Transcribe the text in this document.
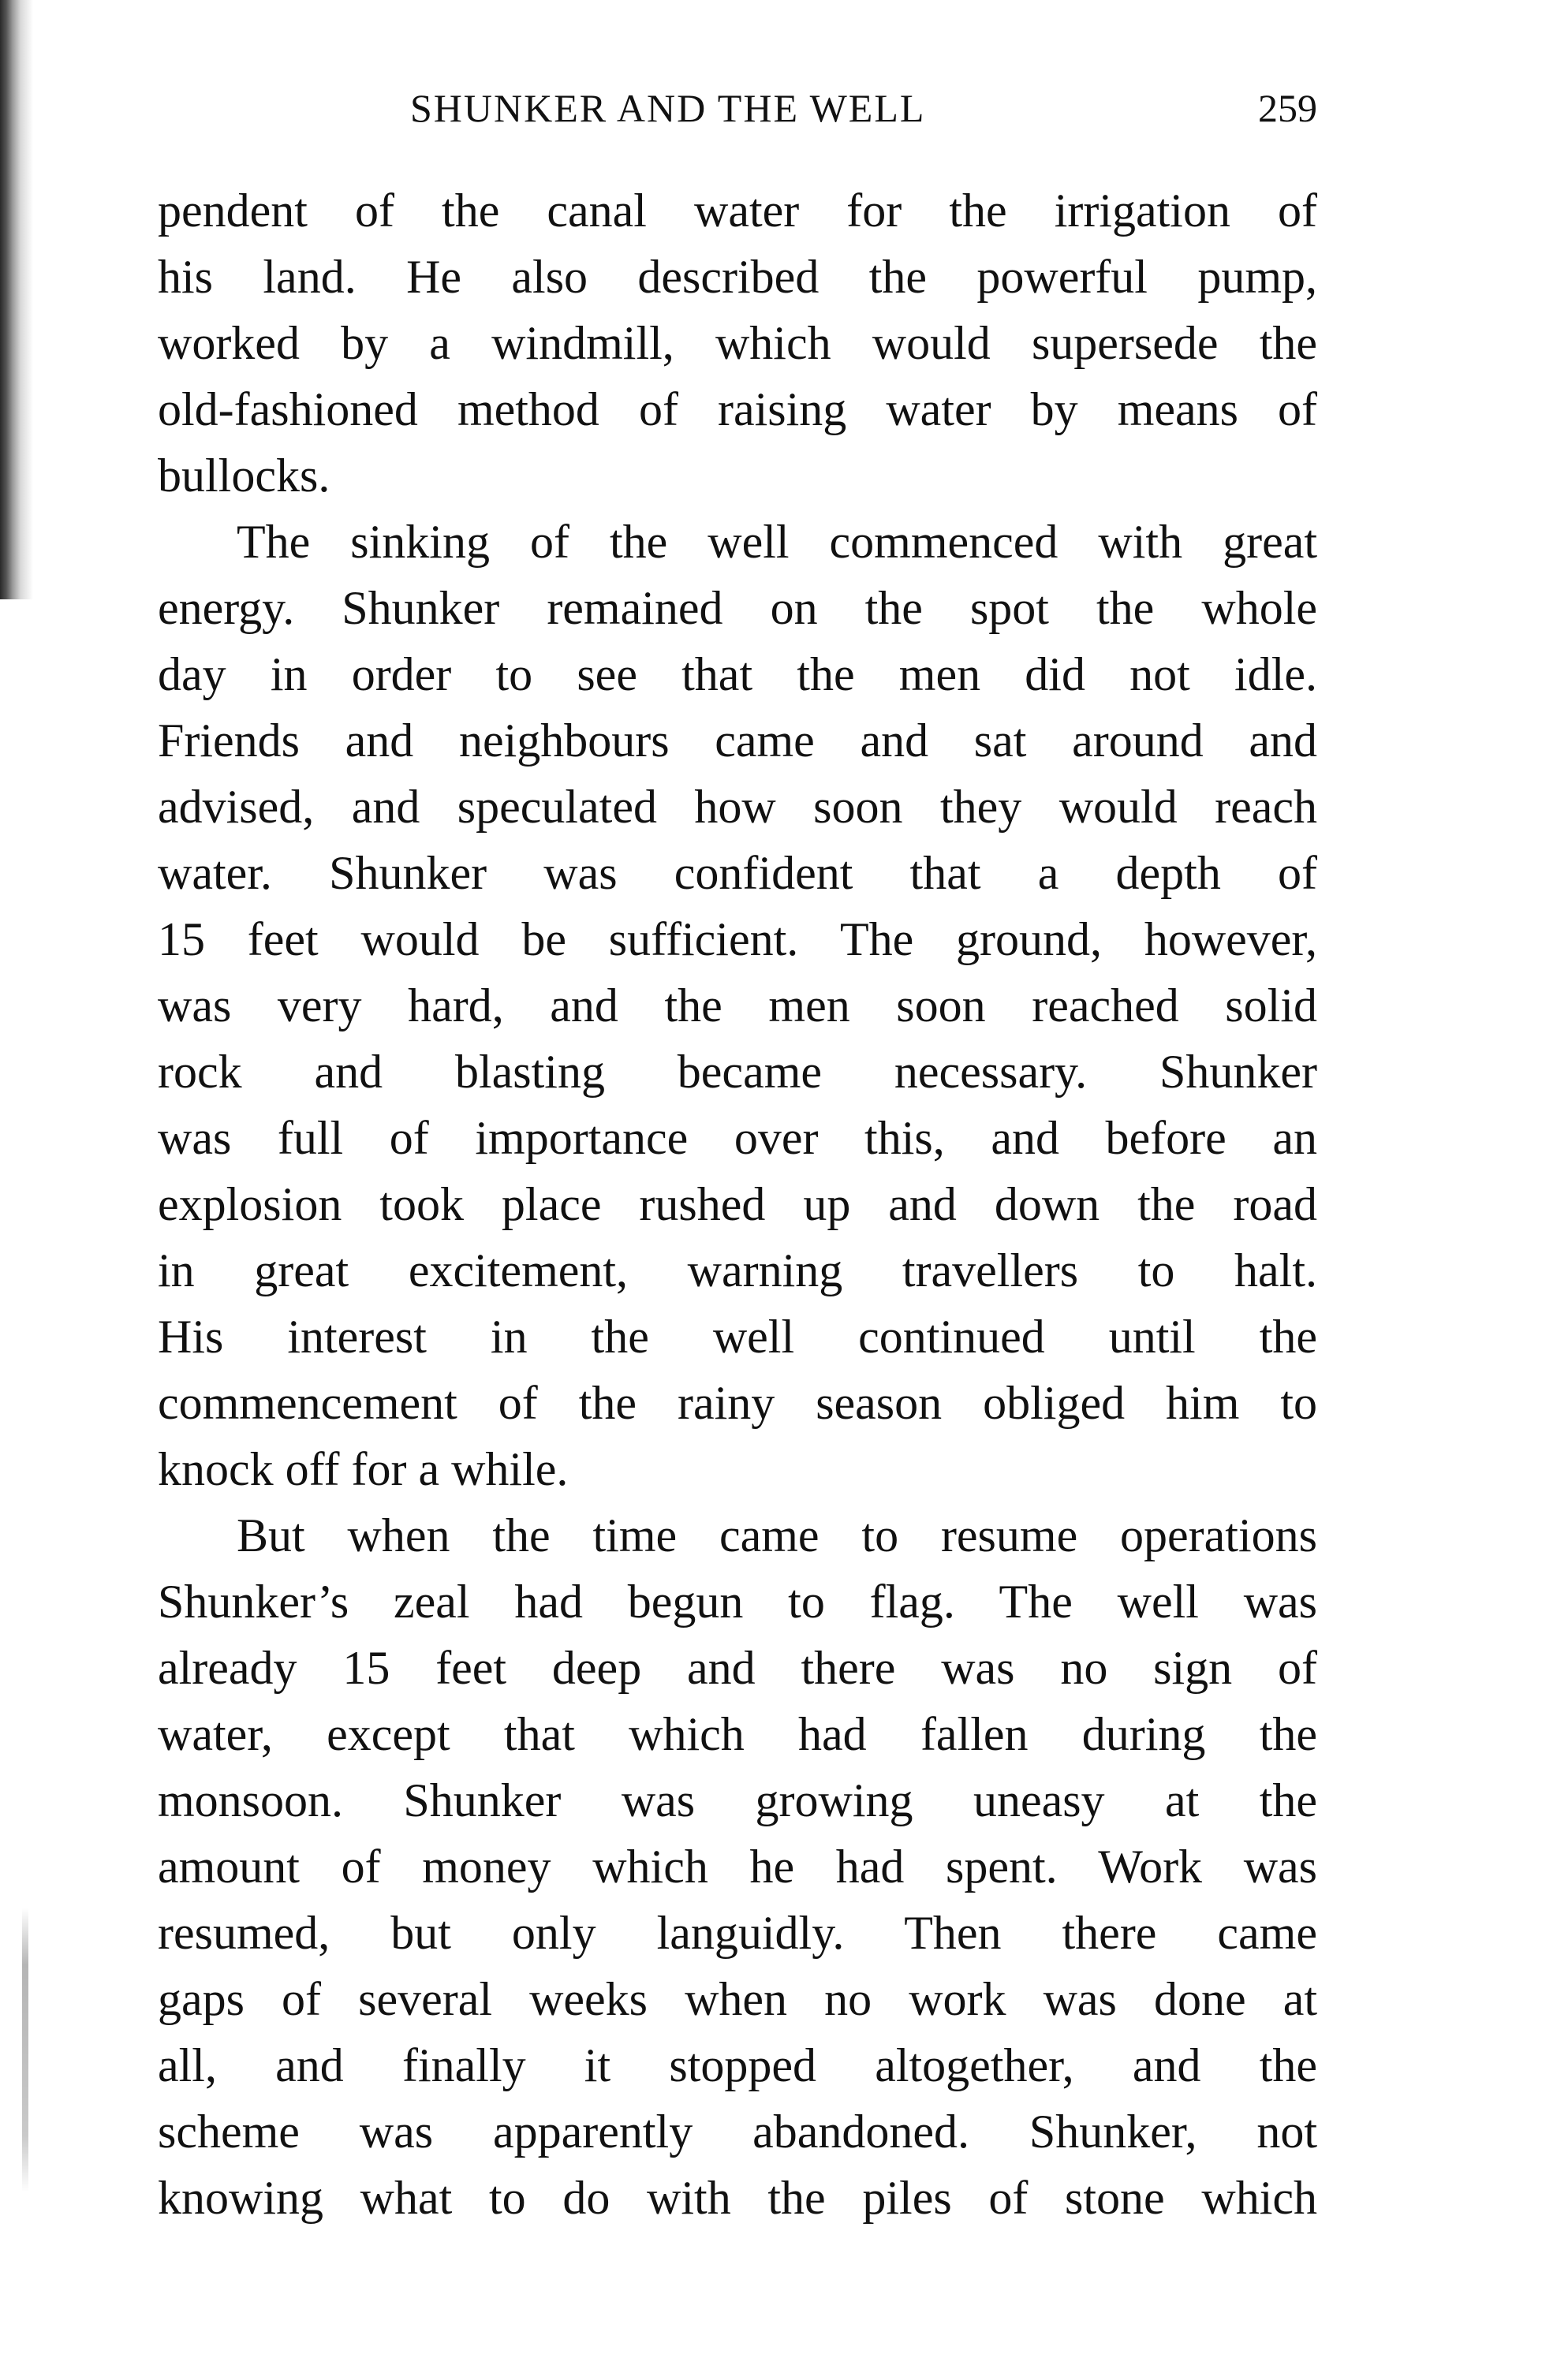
SHUNKER AND THE WELL	259
pendent of the canal water for the irrigation of
his land. He also described the powerful pump,
worked by a windmill, which would supersede the
old-fashioned method of raising water by means of
bullocks.
The sinking of the well commenced with great
energy. Shunker remained on the spot the whole
day in order to see that the men did not idle.
Friends and neighbours came and sat around and
advised, and speculated how soon they would reach
water. Shunker was confident that a depth of
15 feet would be sufficient. The ground, however,
was very hard, and the men soon reached solid
rock and blasting became necessary. Shunker
was full of importance over this, and before an
explosion took place rushed up and down the road
in great excitement, warning travellers to halt.
His interest in the well continued until the
commencement of the rainy season obliged him to
knock off for a while.
But when the time came to resume operations
Shunker’s zeal had begun to flag. The well was
already 15 feet deep and there was no sign of
water, except that which had fallen during the
monsoon. Shunker was growing uneasy at the
amount of money which he had spent. Work was
resumed, but only languidly. Then there came
gaps of several weeks when no work was done at
all, and finally it stopped altogether, and the
scheme was apparently abandoned. Shunker, not
knowing what to do with the piles of stone which
